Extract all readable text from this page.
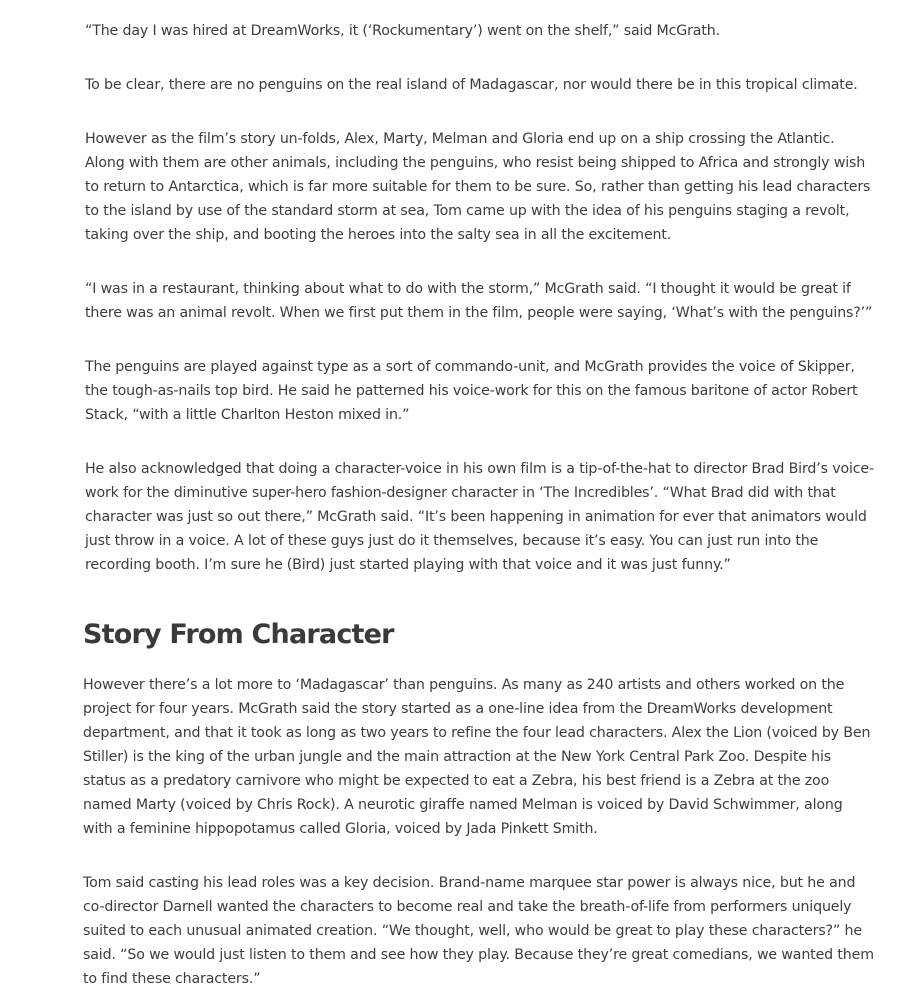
“The day I was hired at DreamWorks, it (‘Rockumentary’) went on the shelf,” said McGrath.

To be clear, there are no penguins on the real island of Madagascar, nor would there be in this tropical climate.

However as the film’s story un-folds, Alex, Marty, Melman and Gloria end up on a ship crossing the Atlantic. Along with them are other animals, including the penguins, who resist being shipped to Africa and strongly wish to return to Antarctica, which is far more suitable for them to be sure. So, rather than getting his lead characters to the island by use of the standard storm at sea, Tom came up with the idea of his penguins staging a revolt, taking over the ship, and booting the heroes into the salty sea in all the excitement.

“I was in a restaurant, thinking about what to do with the storm,” McGrath said. “I thought it would be great if there was an animal revolt. When we first put them in the film, people were saying, ‘What’s with the penguins?’”

The penguins are played against type as a sort of commando-unit, and McGrath provides the voice of Skipper, the tough-as-nails top bird. He said he patterned his voice-work for this on the famous baritone of actor Robert Stack, “with a little Charlton Heston mixed in.”

He also acknowledged that doing a character-voice in his own film is a tip-of-the-hat to director Brad Bird’s voice-work for the diminutive super-hero fashion-designer character in ‘The Incredibles’. “What Brad did with that character was just so out there,” McGrath said. “It’s been happening in animation for ever that animators would just throw in a voice. A lot of these guys just do it themselves, because it’s easy. You can just run into the recording booth. I’m sure he (Bird) just started playing with that voice and it was just funny.”

Story From Character

However there’s a lot more to ‘Madagascar’ than penguins. As many as 240 artists and others worked on the project for four years. McGrath said the story started as a one-line idea from the DreamWorks development department, and that it took as long as two years to refine the four lead characters. Alex the Lion (voiced by Ben Stiller) is the king of the urban jungle and the main attraction at the New York Central Park Zoo. Despite his status as a predatory carnivore who might be expected to eat a Zebra, his best friend is a Zebra at the zoo named Marty (voiced by Chris Rock). A neurotic giraffe named Melman is voiced by David Schwimmer, along with a feminine hippopotamus called Gloria, voiced by Jada Pinkett Smith.

Tom said casting his lead roles was a key decision. Brand-name marquee star power is always nice, but he and co-director Darnell wanted the characters to become real and take the breath-of-life from performers uniquely suited to each unusual animated creation. “We thought, well, who would be great to play these characters?” he said. “So we would just listen to them and see how they play. Because they’re great comedians, we wanted them to find these characters.”
